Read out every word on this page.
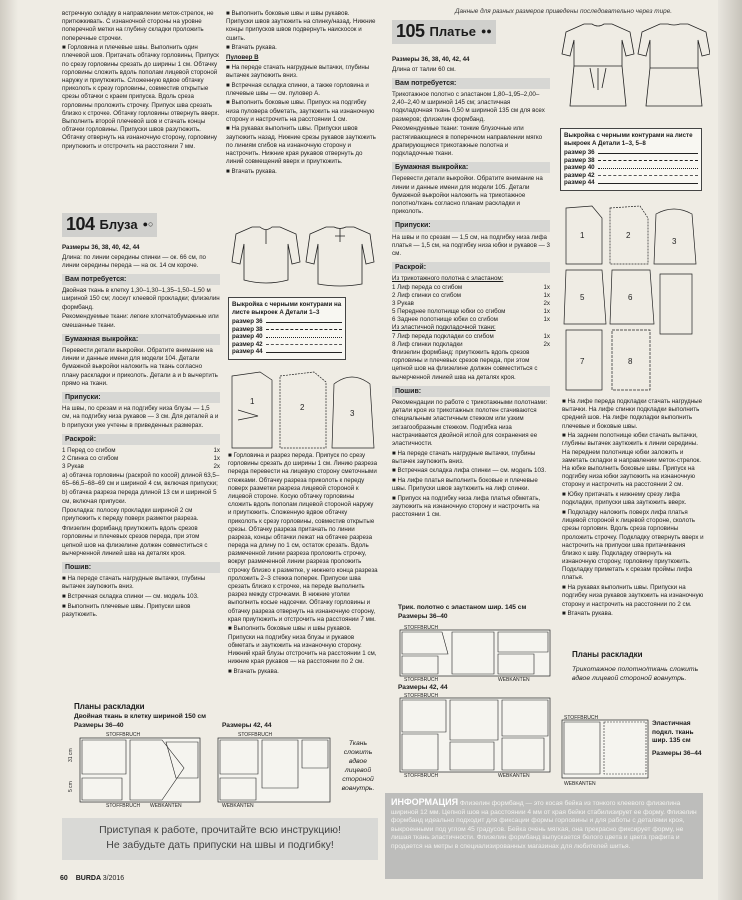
Данные для разных размеров приведены последовательно через тире.
встречную складку в направлении меток-стрелок, не притюжкивать. С изнаночной стороны на уровне поперечной метки на глубину складки проложить поперечные строчки.
■ Горловина и плечевые швы. Выполнить один плечевой шов. Притачать обтачку горловины, Припуск по срезу горловины срезать до ширины 1 см. Обтачку горловины сложить вдоль пополам лицевой стороной наружу и приутюжить. Сложенную вдвое обтачку приколоть к срезу горловины, совместив открытые срезы обтачки с краем припуска. Вдоль среза горловины проложить строчку. Припуск шва срезать близко к строчке. Обтачку горловины отвернуть вверх. Выполнить второй плечевой шов и стачать концы обтачки горловины. Припуски швов разутюжить. Обтачку отвернуть на изнаночную сторону, горловину приутюжить и отстрочить на расстоянии 7 мм.
■ Выполнить боковые швы и швы рукавов. Припуски швов заутюжить на спинку/назад. Нижние концы припусков швов подвернуть наискосок и сшить.
■ Втачать рукава.
Пуловер В
■ На переде стачать нагрудные вытачки, глубины вытачек заутюжить вниз.
■ Встречная складка спинки, а также горловина и плечевые швы — см. пуловер А.
■ Выполнить боковые швы. Припуск на подгибку низа пуловера обметать, заутюжить на изнаночную сторону и настрочить на расстоянии 1 см.
■ На рукавах выполнить швы. Припуски швов заутюжить назад. Нижние срезы рукавов заутюжить по линиям сгибов на изнаночную сторону и настрочить. Нижние края рукавов отвернуть до линий совмещений вверх и приутюжить.
■ Втачать рукава.
104 Блуза ●○
Размеры 36, 38, 40, 42, 44
Длина: по линии середины спинки — ок. 66 см, по линии середины переда — на ок. 14 см короче.
Вам потребуется:
Двойная ткань в клетку 1,30–1,30–1,35–1,50–1,50 м шириной 150 см; лоскут клеевой прокладки; флизелин формбанд.
Рекомендуемые ткани: легкие хлопчатобумажные или смешанные ткани.
Бумажная выкройка:
Перевести детали выкройки. Обратите внимание на линии и данные имени для модели 104. Детали бумажной выкройки наложить на ткань согласно плану раскладки и приколоть. Детали а и b вычертить прямо на ткани.
Припуски:
На швы, по срезам и на подгибку низа блузы — 1,5 см, на подгибку низа рукавов — 3 см. Для деталей а и b припуски уже учтены в приведенных размерах.
Раскрой:
1 Перед со сгибом	1x
2 Спинка со сгибом	1x
3 Рукав	2x
a) обтачка горловины (раскрой по косой) длиной 63,5–65–66,5–68–69 см и шириной 4 см, включая припуски;
b) обтачка разреза переда длиной 13 см и шириной 5 см, включая припуски.
Прокладка: полоску прокладки шириной 2 см приутюжить к переду поверх разметки разреза.
Флизелин формбанд приутюжить вдоль срезов горловины и плечевых срезов переда, при этом цепной шов на флизелине должен совместиться с вычерченной линией шва на деталях кроя.
Пошив:
■ На переде стачать нагрудные вытачки, глубины вытачек заутюжить вниз.
■ Встречная складка спинки — см. модель 103.
■ Выполнить плечевые швы. Припуски швов разутюжить.
Выкройка с черными контурами на листе выкроек A Детали 1–3
размер 36
размер 38
размер 40
размер 42
размер 44
1
2
3
■ Горловина и разрез переда. Припуск по срезу горловины срезать до ширины 1 см. Линию разреза переда перевести на лицевую сторону сметочными стежками. Обтачку разреза приколоть к переду поверх разметки разреза лицевой стороной к лицевой стороне. Косую обтачку горловины сложить вдоль пополам лицевой стороной наружу и приутюжить. Сложенную вдвое обтачку приколоть к срезу горловины, совместив открытые срезы. Обтачку разреза притачать по линии разреза, концы обтачки лежат на обтачке разреза переда на длину по 1 см, остаток срезать. Вдоль размеченной линии разреза проложить строчку, вокруг размеченной линии разреза проложить строчку близко к разметке, у нижнего конца разреза проложить 2–3 стежка поперек. Припуски шва срезать близко к строчке, на переде выполнить разрез между строчками. В нижние уголки выполнить косые надсечки. Обтачку горловины и обтачку разреза отвернуть на изнаночную сторону, края приутюжить и отстрочить на расстоянии 7 мм.
■ Выполнить боковые швы и швы рукавов. Припуски на подгибку низа блузы и рукавов обметать и заутюжить на изнаночную сторону. Нижний край блузы отстрочить на расстоянии 1 см, нижние края рукавов — на расстоянии по 2 см.
■ Втачать рукава.
Планы раскладки
Двойная ткань в клетку шириной 150 см
Размеры 36–40	Размеры 42, 44
STOFFBRUCH
STOFFBRUCH WEBKANTEN
31 cm
5 cm
STOFFBRUCH
WEBKANTEN
Ткань сложить вдвое лицевой стороной вовнутрь.
Приступая к работе, прочитайте всю инструкцию!
Не забудьте дать припуски на швы и подгибку!
105 Платье ●●
Размеры 36, 38, 40, 42, 44
Длина от талии 60 см.
Вам потребуется:
Трикотажное полотно с эластаном 1,80–1,95–2,00–2,40–2,40 м шириной 145 см; эластичная подкладочная ткань 0,50 м шириной 135 см для всех размеров; флизелин формбанд.
Рекомендуемые ткани: тонкие блузочные или растягивающиеся в поперечном направлении мягко драпирующиеся трикотажные полотна и подкладочные ткани.
Бумажная выкройка:
Перевести детали выкройки. Обратите внимание на линии и данные имени для модели 105. Детали бумажной выкройки наложить на трикотажное полотно/ткань согласно планам раскладки и приколоть.
Припуски:
На швы и по срезам — 1,5 см, на подгибку низа лифа платья — 1,5 см, на подгибку низа юбки и рукавов — 3 см.
Раскрой:
Из трикотажного полотна с эластаном:
1 Лиф переда со сгибом	1x
2 Лиф спинки со сгибом	1x
3 Рукав	2x
5 Переднее полотнище юбки со сгибом	1x
6 Заднее полотнище юбки со сгибом	1x
Из эластичной подкладочной ткани:
7 Лиф переда подкладки со сгибом	1x
8 Лиф спинки подкладки	2x
Флизелин формбанд: приутюжить вдоль срезов горловины и плечевых срезов переда, при этом цепной шов на флизелине должен совместиться с вычерченной линией шва на деталях кроя.
Пошив:
Рекомендации по работе с трикотажными полотнами: детали кроя из трикотажных полотен стачиваются специальным эластичным стежком или узким зигзагообразным стежком. Подгибка низа настрачивается двойной иглой для сохранения ее эластичности.
■ На переде стачать нагрудные вытачки, глубины вытачек заутюжить вниз.
■ Встречная складка лифа спинки — см. модель 103.
■ На лифе платья выполнить боковые и плечевые швы. Припуски швов заутюжить на лиф спинки.
■ Припуск на подгибку низа лифа платья обметать, заутюжить на изнаночную сторону и настрочить на расстоянии 1 см.
Трик. полотно с эластаном шир. 145 см
Размеры 36–40
STOFFBRUCH
STOFFBRUCH	WEBKANTEN
Размеры 42, 44
STOFFBRUCH
STOFFBRUCH	WEBKANTEN
Выкройка с черными контурами на листе выкроек A Детали 1–3, 5–8
размер 36
размер 38
размер 40
размер 42
размер 44
1	2
3
5	6
7	8
■ На лифе переда подкладки стачать нагрудные вытачки. На лифе спинки подкладки выполнить средний шов. На лифе подкладки выполнить плечевые и боковые швы.
■ На заднем полотнище юбки стачать вытачки, глубины вытачек заутюжить к линии середины. На переднем полотнище юбки заложить и заметать складки в направлении меток-стрелок. На юбке выполнить боковые швы. Припуск на подгибку низа юбки заутюжить на изнаночную сторону и настрочить на расстоянии 2 см.
■ Юбку притачать к нижнему срезу лифа подкладки, припуски шва заутюжить вверх.
■ Подкладку наложить поверх лифа платья лицевой стороной к лицевой стороне, сколоть срезы горловин. Вдоль среза горловины проложить строчку. Подкладку отвернуть вверх и настрочить на припуски шва притачивания близко к шву. Подкладку отвернуть на изнаночную сторону, горловину приутюжить. Подкладку приметать к срезам проймы лифа платья.
■ На рукавах выполнить швы. Припуски на подгибку низа рукавов заутюжить на изнаночную сторону и настрочить на расстоянии по 2 см.
■ Втачать рукава.
Планы раскладки
Трикотажное полотно/ткань сложить вдвое лицевой стороной вовнутрь.
STOFFBRUCH
WEBKANTEN
Эластичная подкл. ткань шир. 135 см
Размеры 36–44
ИНФОРМАЦИЯ Флизелин формбанд — это косая бейка из тонкого клеевого флизелина шириной 12 мм. Цепной шов на расстоянии 4 мм от края бейки стабилизирует ее форму. Флизелин формбанд идеально подходит для фиксации формы горловины и для работы с деталями кроя, выкроенными под углом 45 градусов. Бейка очень мягкая, она прекрасно фиксирует форму, не лишая ткань эластичности. Флизелин формбанд выпускается белого цвета и цвета графита и продается на метры в специализированных магазинах для любителей шитья.
60 BURDA 3/2016
